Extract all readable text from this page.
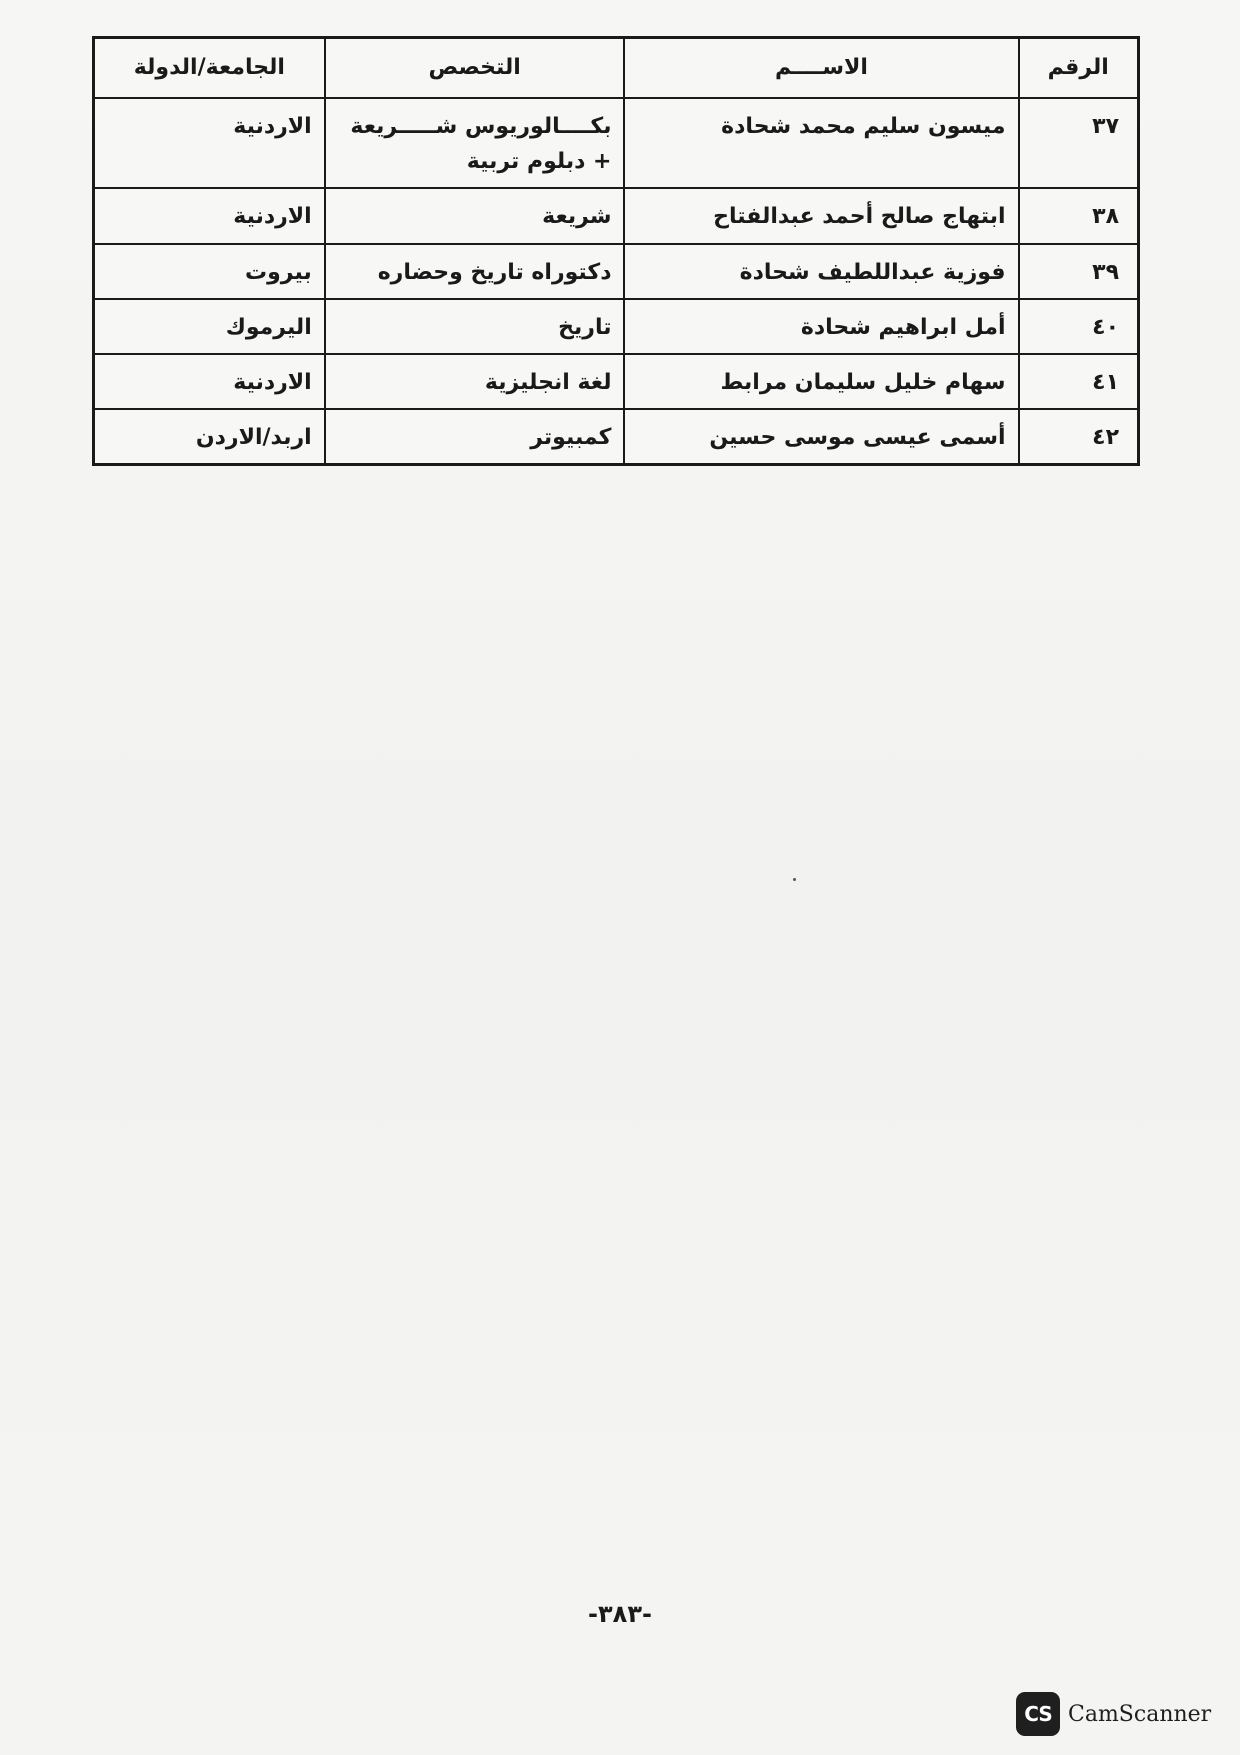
الرقم	الاســــم	التخصص	الجامعة/الدولة
٣٧	ميسون سليم محمد شحادة	بكــــالوريوس شـــــريعة + دبلوم تربية	الاردنية
٣٨	ابتهاج صالح أحمد عبدالفتاح	شريعة	الاردنية
٣٩	فوزية عبداللطيف شحادة	دكتوراه تاريخ وحضاره	بيروت
٤٠	أمل ابراهيم شحادة	تاريخ	اليرموك
٤١	سهام خليل سليمان مرابط	لغة انجليزية	الاردنية
٤٢	أسمى عيسى موسى حسين	كمبيوتر	اربد/الاردن
-٣٨٣-
CS CamScanner
